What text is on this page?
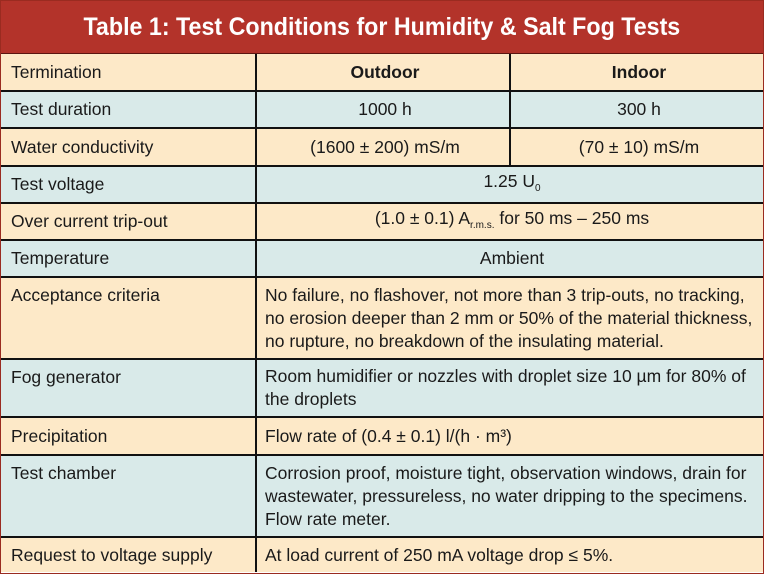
Table 1: Test Conditions for Humidity & Salt Fog Tests
Termination	Outdoor	Indoor
Test duration	1000 h	300 h
Water conductivity	(1600 ± 200) mS/m	(70 ± 10) mS/m
Test voltage	1.25 $U_0$
Over current trip-out	(1.0 ± 0.1) $A_{r.m.s.}$ for 50 ms – 250 ms	
Temperature	Ambient	
Acceptance criteria	No failure, no flashover, not more than 3 trip-outs, no tracking, no erosion deeper than 2 mm or 50% of the material thickness, no rupture, no breakdown of the insulating material.	
Fog generator	Room humidifier or nozzles with droplet size 10 µm for 80% of the droplets	
Precipitation	Flow rate of (0.4 ± 0.1) l/(h · m³)	
Test chamber	Corrosion proof, moisture tight, observation windows, drain for wastewater, pressureless, no water dripping to the specimens. Flow rate meter.	
Request to voltage supply	At load current of 250 mA voltage drop ≤ 5%.	
